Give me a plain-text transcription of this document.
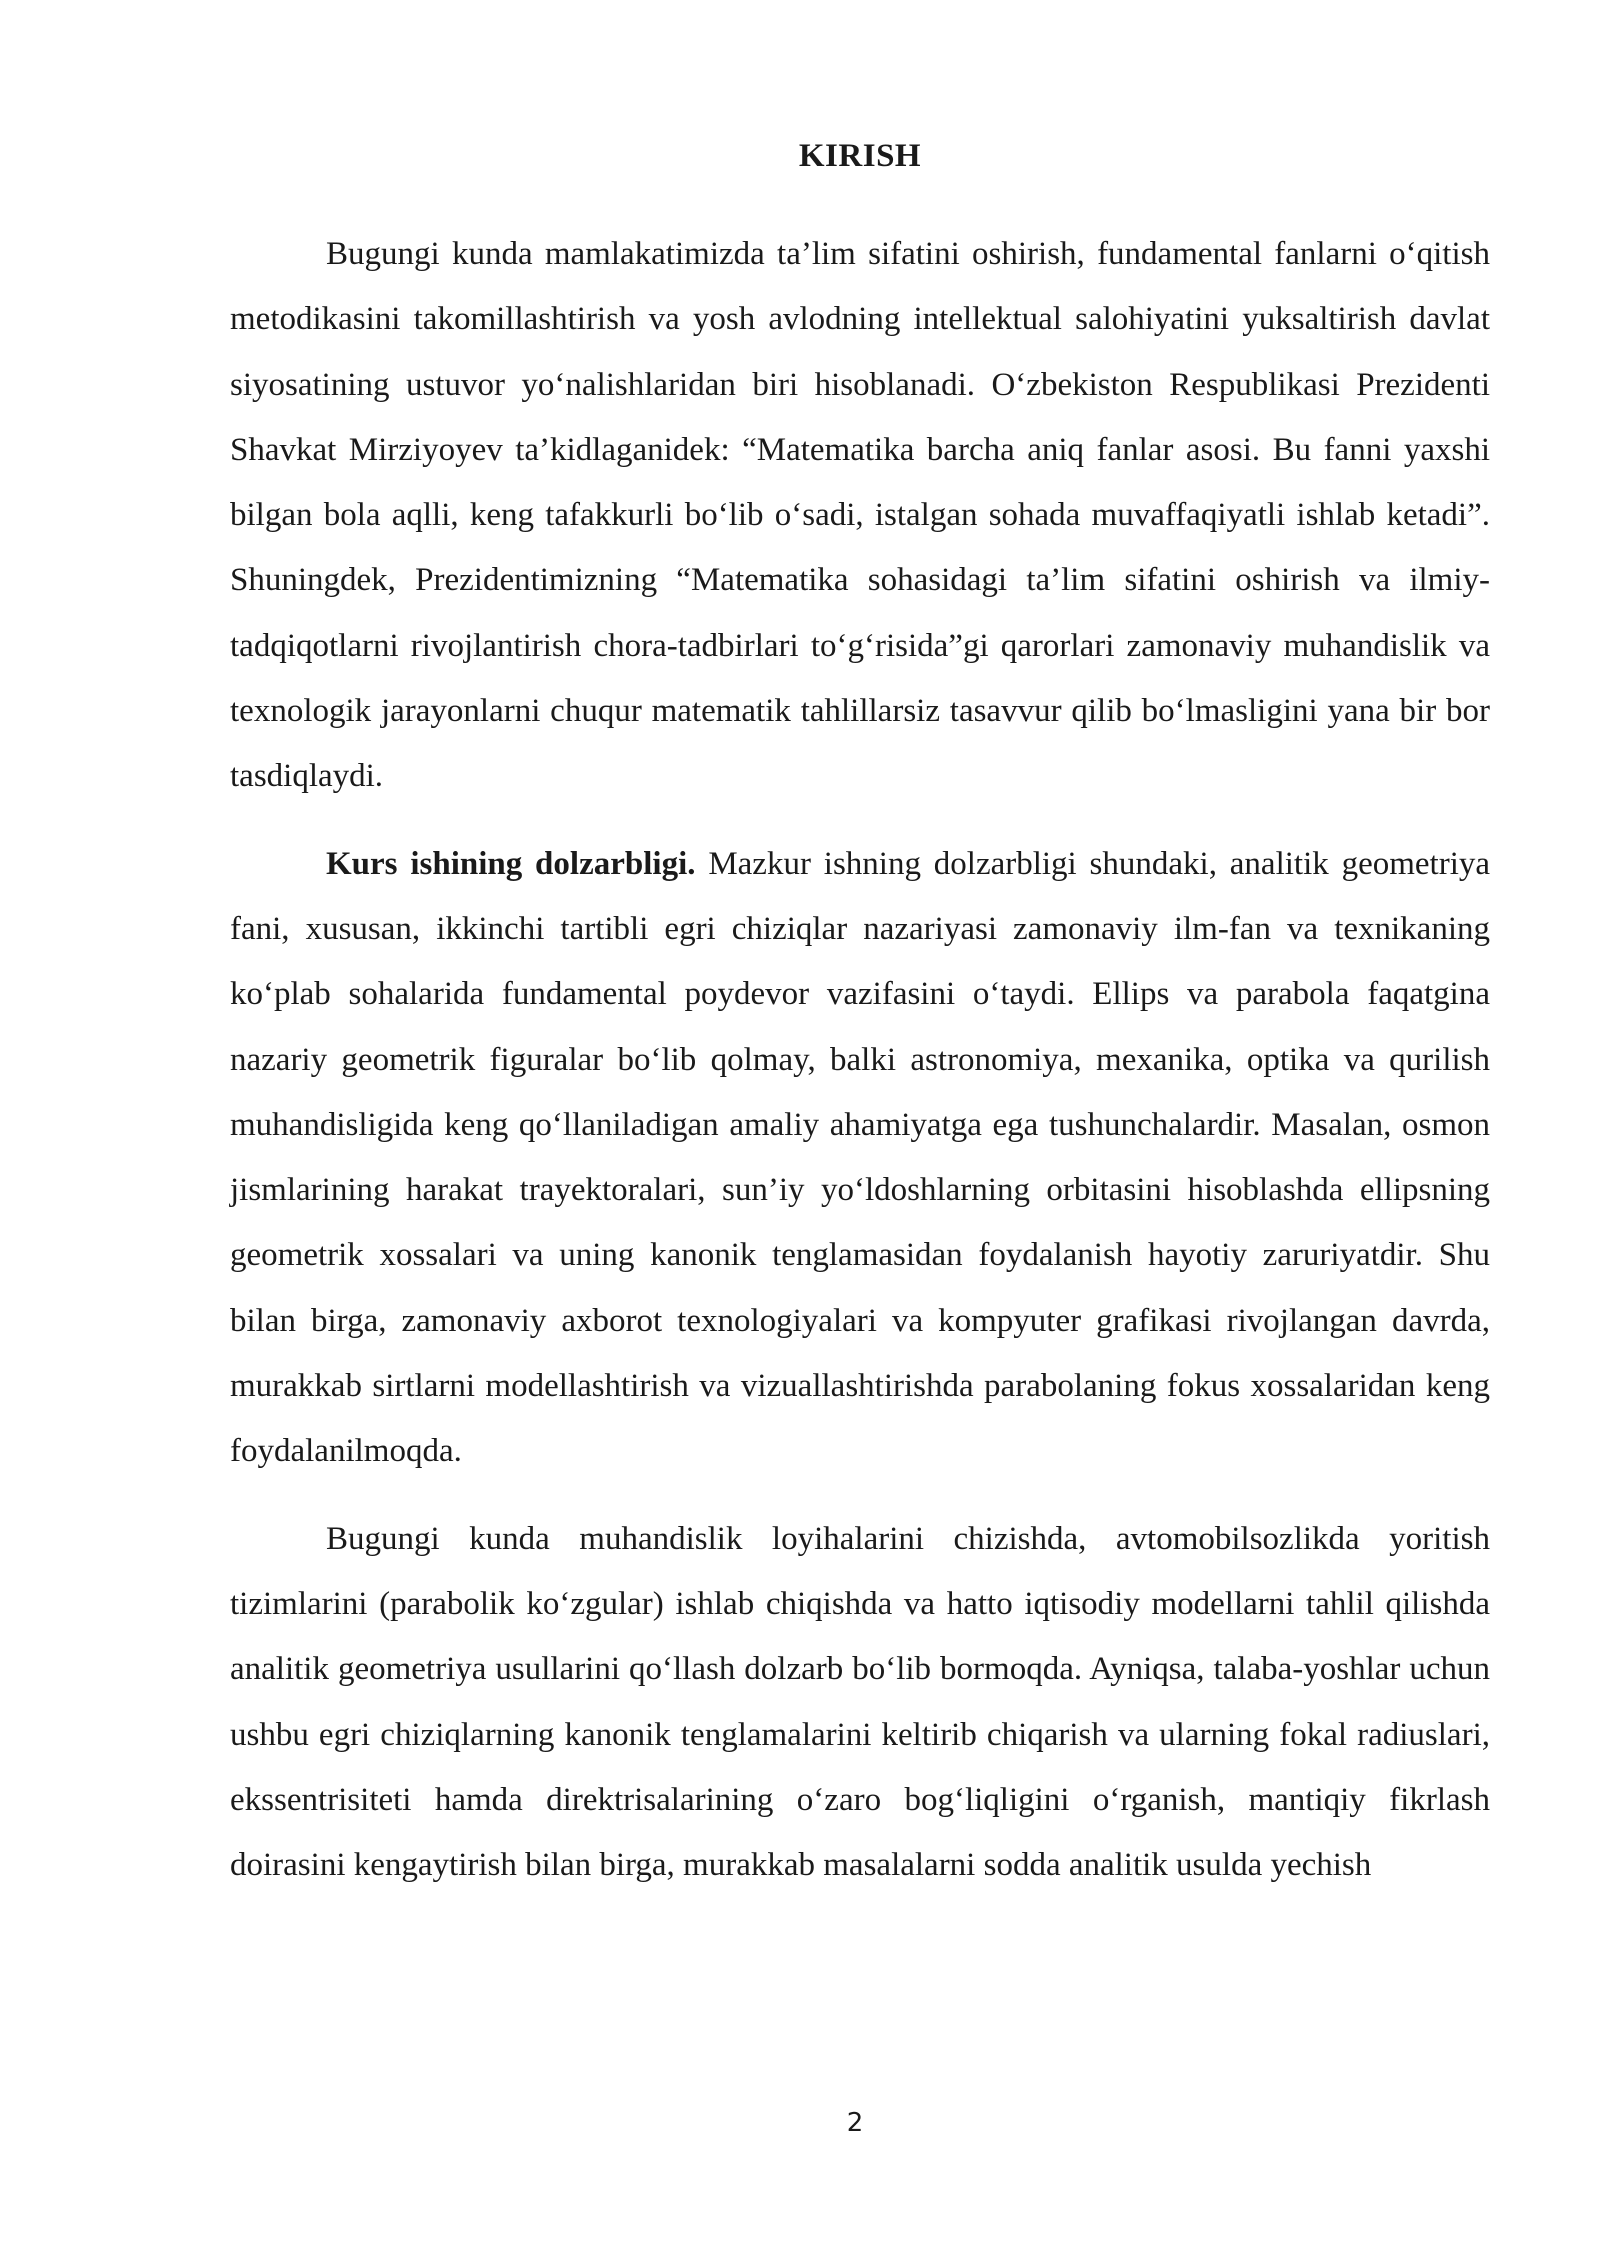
KIRISH

Bugungi kunda mamlakatimizda ta’lim sifatini oshirish, fundamental fanlarni o‘qitish metodikasini takomillashtirish va yosh avlodning intellektual salohiyatini yuksaltirish davlat siyosatining ustuvor yo‘nalishlaridan biri hisoblanadi. O‘zbekiston Respublikasi Prezidenti Shavkat Mirziyoyev ta’kidlaganidek: “Matematika barcha aniq fanlar asosi. Bu fanni yaxshi bilgan bola aqlli, keng tafakkurli bo‘lib o‘sadi, istalgan sohada muvaffaqiyatli ishlab ketadi”. Shuningdek, Prezidentimizning “Matematika sohasidagi ta’lim sifatini oshirish va ilmiy-tadqiqotlarni rivojlantirish chora-tadbirlari to‘g‘risida”gi qarorlari zamonaviy muhandislik va texnologik jarayonlarni chuqur matematik tahlillarsiz tasavvur qilib bo‘lmasligini yana bir bor tasdiqlaydi.

Kurs ishining dolzarbligi. Mazkur ishning dolzarbligi shundaki, analitik geometriya fani, xususan, ikkinchi tartibli egri chiziqlar nazariyasi zamonaviy ilm-fan va texnikaning ko‘plab sohalarida fundamental poydevor vazifasini o‘taydi. Ellips va parabola faqatgina nazariy geometrik figuralar bo‘lib qolmay, balki astronomiya, mexanika, optika va qurilish muhandisligida keng qo‘llaniladigan amaliy ahamiyatga ega tushunchalardir. Masalan, osmon jismlarining harakat trayektoralari, sun’iy yo‘ldoshlarning orbitasini hisoblashda ellipsning geometrik xossalari va uning kanonik tenglamasidan foydalanish hayotiy zaruriyatdir. Shu bilan birga, zamonaviy axborot texnologiyalari va kompyuter grafikasi rivojlangan davrda, murakkab sirtlarni modellashtirish va vizuallashtirishda parabolaning fokus xossalaridan keng foydalanilmoqda.

Bugungi kunda muhandislik loyihalarini chizishda, avtomobilsozlikda yoritish tizimlarini (parabolik ko‘zgular) ishlab chiqishda va hatto iqtisodiy modellarni tahlil qilishda analitik geometriya usullarini qo‘llash dolzarb bo‘lib bormoqda. Ayniqsa, talaba-yoshlar uchun ushbu egri chiziqlarning kanonik tenglamalarini keltirib chiqarish va ularning fokal radiuslari, ekssentrisiteti hamda direktrisalarining o‘zaro bog‘liqligini o‘rganish, mantiqiy fikrlash doirasini kengaytirish bilan birga, murakkab masalalarni sodda analitik usulda yechish

2
